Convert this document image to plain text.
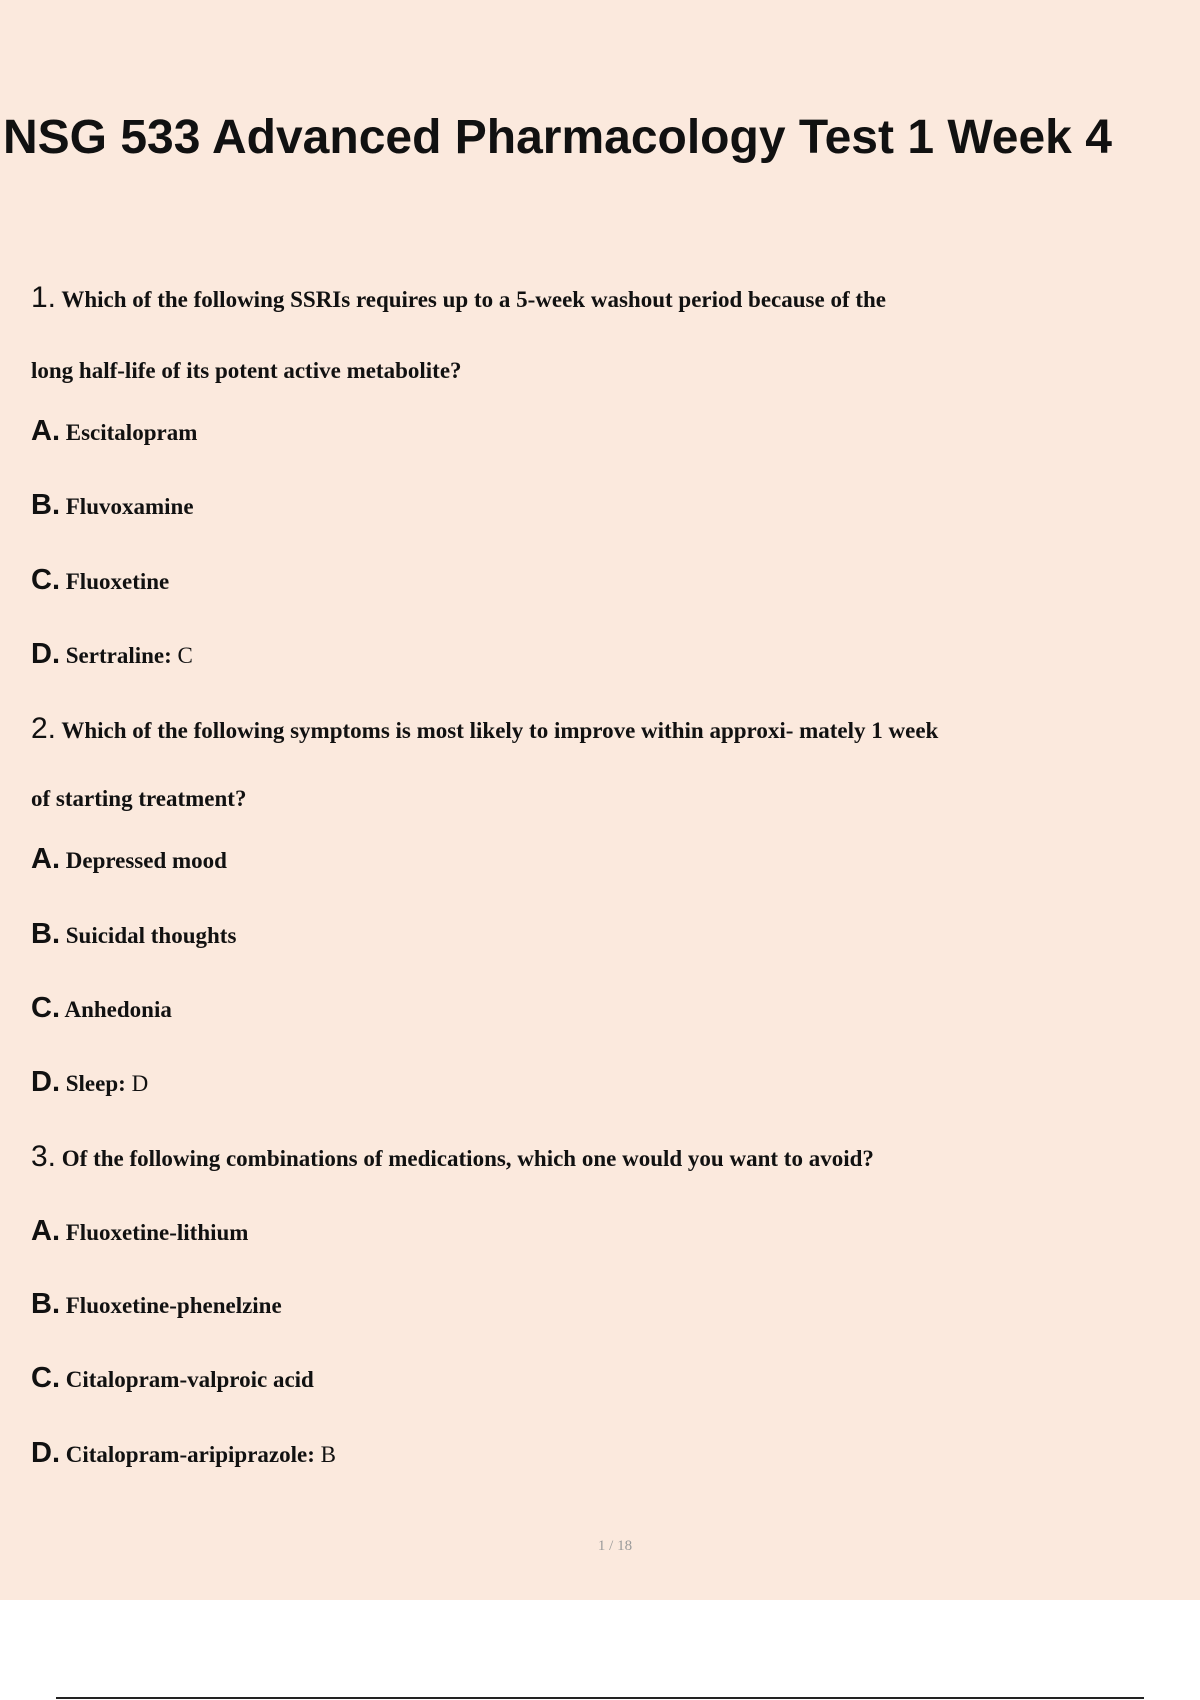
NSG 533 Advanced Pharmacology Test 1 Week 4
1. Which of the following SSRIs requires up to a 5-week washout period because of the
long half-life of its potent active metabolite?
A. Escitalopram
B. Fluvoxamine
C. Fluoxetine
D. Sertraline: C
2. Which of the following symptoms is most likely to improve within approxi- mately 1 week
of starting treatment?
A. Depressed mood
B. Suicidal thoughts
C. Anhedonia
D. Sleep: D
3. Of the following combinations of medications, which one would you want to avoid?
A. Fluoxetine-lithium
B. Fluoxetine-phenelzine
C. Citalopram-valproic acid
D. Citalopram-aripiprazole: B
1 / 18
